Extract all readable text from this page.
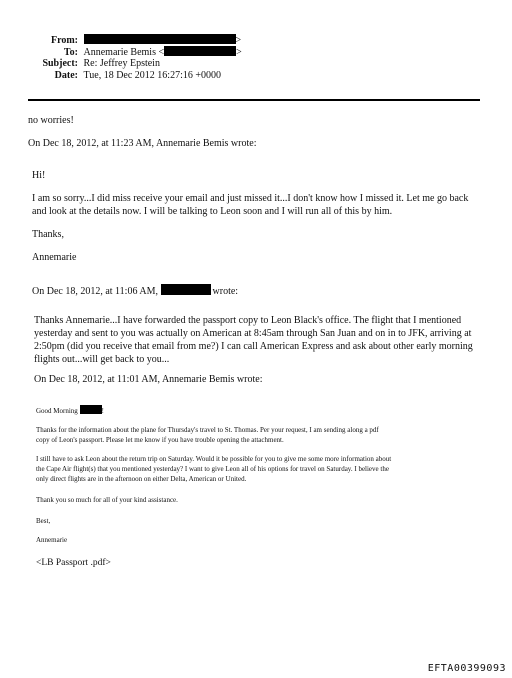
From:	>
To: Annemarie Bemis <	>
Subject: Re: Jeffrey Epstein
Date: Tue, 18 Dec 2012 16:27:16 +0000
no worries!
On Dec 18, 2012, at 11:23 AM, Annemarie Bemis wrote:
Hi!
I am so sorry...I did miss receive your email and just missed it...I don't know how I missed it. Let me go back
and look at the details now. I will be talking to Leon soon and I will run all of this by him.
Thanks,
Annemarie
On Dec 18, 2012, at 11:06 AM,	wrote:
Thanks Annemarie...I have forwarded the passport copy to Leon Black's office. The flight that I mentioned
yesterday and sent to you was actually on American at 8:45am through San Juan and on in to JFK, arriving at
2:50pm (did you receive that email from me?) I can call American Express and ask about other early morning
flights out...will get back to you...
On Dec 18, 2012, at 11:01 AM, Annemarie Bemis wrote:
Good Morning	!
Thanks for the information about the plane for Thursday's travel to St. Thomas. Per your request, I am sending along a pdf
copy of Leon's passport. Please let me know if you have trouble opening the attachment.
I still have to ask Leon about the return trip on Saturday. Would it be possible for you to give me some more information about
the Cape Air flight(s) that you mentioned yesterday? I want to give Leon all of his options for travel on Saturday. I believe the
only direct flights are in the afternoon on either Delta, American or United.
Thank you so much for all of your kind assistance.
Best,
Annemarie
<LB Passport .pdf>
EFTA00399093
